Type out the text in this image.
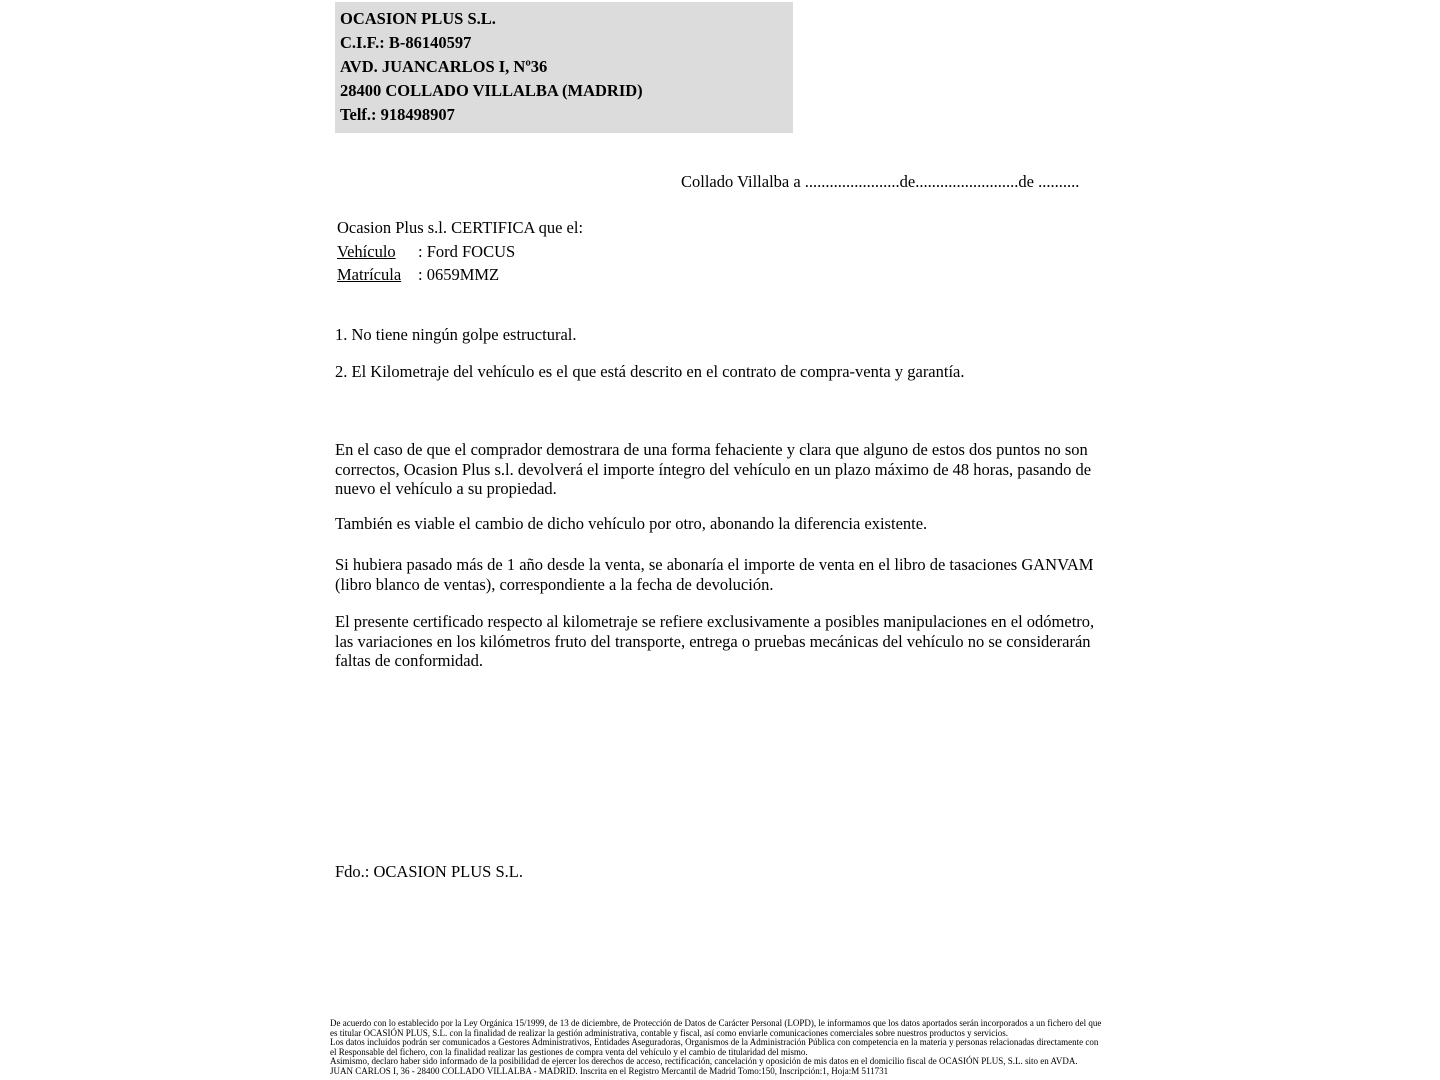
OCASION PLUS S.L.
C.I.F.: B-86140597
AVD. JUANCARLOS I, Nº36
28400 COLLADO VILLALBA (MADRID)
Telf.: 918498907
Collado Villalba a .......................de.........................de ..........
Ocasion Plus s.l. CERTIFICA que el:
Vehículo : Ford FOCUS
Matrícula : 0659MMZ
1. No tiene ningún golpe estructural.
2. El Kilometraje del vehículo es el que está descrito en el contrato de compra-venta y garantía.
En el caso de que el comprador demostrara de una forma fehaciente y clara que alguno de estos dos puntos no son correctos, Ocasion Plus s.l. devolverá el importe íntegro del vehículo en un plazo máximo de 48 horas, pasando de nuevo el vehículo a su propiedad.
También es viable el cambio de dicho vehículo por otro, abonando la diferencia existente.
Si hubiera pasado más de 1 año desde la venta, se abonaría el importe de venta en el libro de tasaciones GANVAM (libro blanco de ventas), correspondiente a la fecha de devolución.
El presente certificado respecto al kilometraje se refiere exclusivamente a posibles manipulaciones en el odómetro, las variaciones en los kilómetros fruto del transporte, entrega o pruebas mecánicas del vehículo no se considerarán faltas de conformidad.
Fdo.: OCASION PLUS S.L.

De acuerdo con lo establecido por la Ley Orgánica 15/1999, de 13 de diciembre, de Protección de Datos de Carácter Personal (LOPD), le informamos que los datos aportados serán incorporados a un fichero del que es titular OCASIÓN PLUS, S.L. con la finalidad de realizar la gestión administrativa, contable y fiscal, así como enviarle comunicaciones comerciales sobre nuestros productos y servicios.

Los datos incluidos podrán ser comunicados a Gestores Administrativos, Entidades Aseguradoras, Organismos de la Administración Pública con competencia en la materia y personas relacionadas directamente con el Responsable del fichero, con la finalidad realizar las gestiones de compra venta del vehículo y el cambio de titularidad del mismo.

Asimismo, declaro haber sido informado de la posibilidad de ejercer los derechos de acceso, rectificación, cancelación y oposición de mis datos en el domicilio fiscal de OCASIÓN PLUS, S.L. sito en AVDA. JUAN CARLOS I, 36 - 28400 COLLADO VILLALBA - MADRID. Inscrita en el Registro Mercantil de Madrid Tomo:150, Inscripción:1, Hoja:M 511731
